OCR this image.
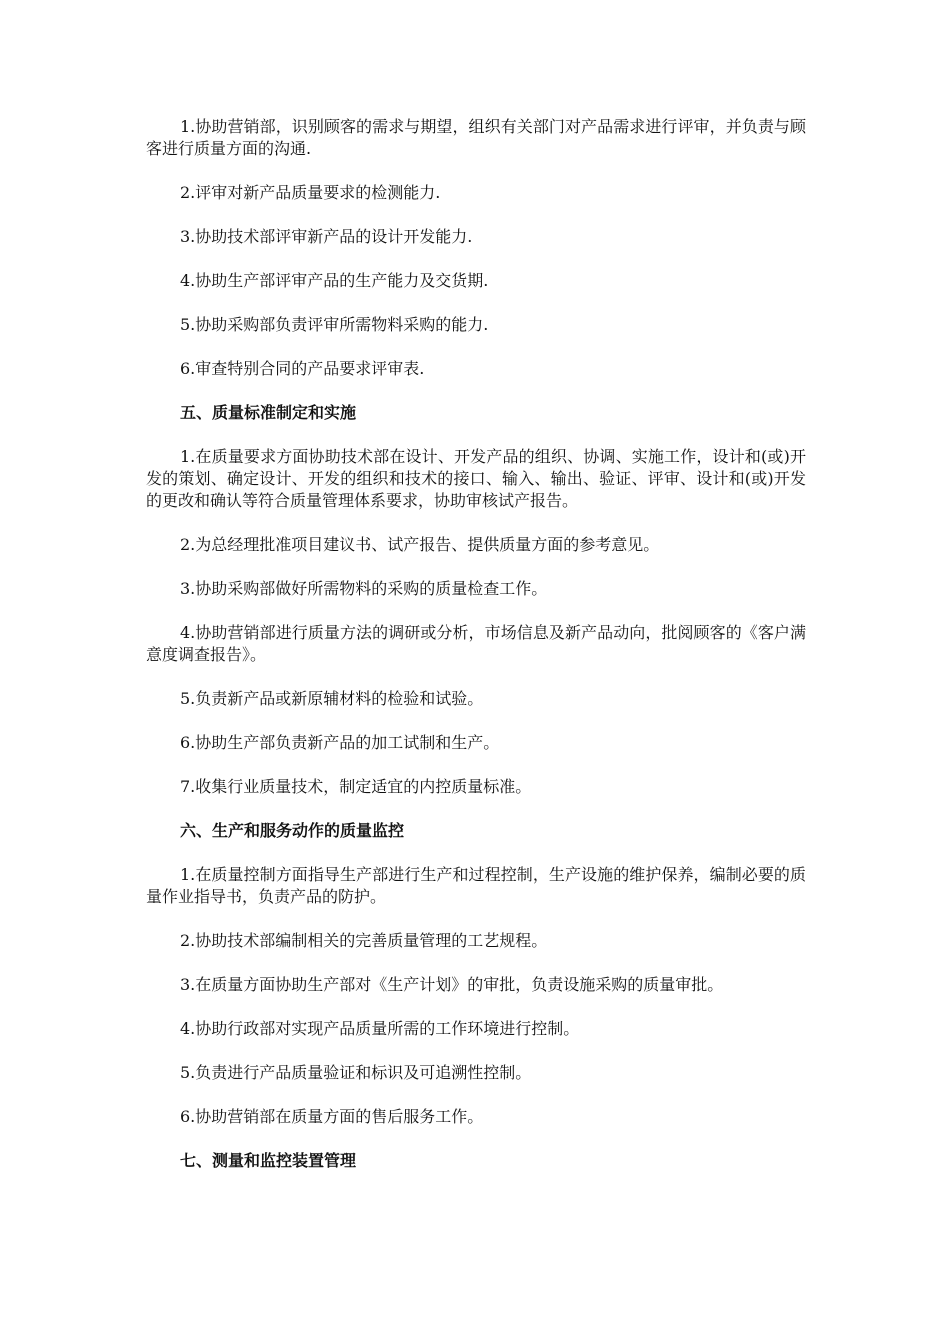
1.协助营销部，识别顾客的需求与期望，组织有关部门对产品需求进行评审，并负责与顾客进行质量方面的沟通.

2.评审对新产品质量要求的检测能力.

3.协助技术部评审新产品的设计开发能力.

4.协助生产部评审产品的生产能力及交货期.

5.协助采购部负责评审所需物料采购的能力.

6.审查特别合同的产品要求评审表.

五、质量标准制定和实施

1.在质量要求方面协助技术部在设计、开发产品的组织、协调、实施工作，设计和(或)开发的策划、确定设计、开发的组织和技术的接口、输入、输出、验证、评审、设计和(或)开发的更改和确认等符合质量管理体系要求，协助审核试产报告。

2.为总经理批准项目建议书、试产报告、提供质量方面的参考意见。

3.协助采购部做好所需物料的采购的质量检查工作。

4.协助营销部进行质量方法的调研或分析，市场信息及新产品动向，批阅顾客的《客户满意度调查报告》。

5.负责新产品或新原辅材料的检验和试验。

6.协助生产部负责新产品的加工试制和生产。

7.收集行业质量技术，制定适宜的内控质量标准。

六、生产和服务动作的质量监控

1.在质量控制方面指导生产部进行生产和过程控制，生产设施的维护保养，编制必要的质量作业指导书，负责产品的防护。

2.协助技术部编制相关的完善质量管理的工艺规程。

3.在质量方面协助生产部对《生产计划》的审批，负责设施采购的质量审批。

4.协助行政部对实现产品质量所需的工作环境进行控制。

5.负责进行产品质量验证和标识及可追溯性控制。

6.协助营销部在质量方面的售后服务工作。

七、测量和监控装置管理
